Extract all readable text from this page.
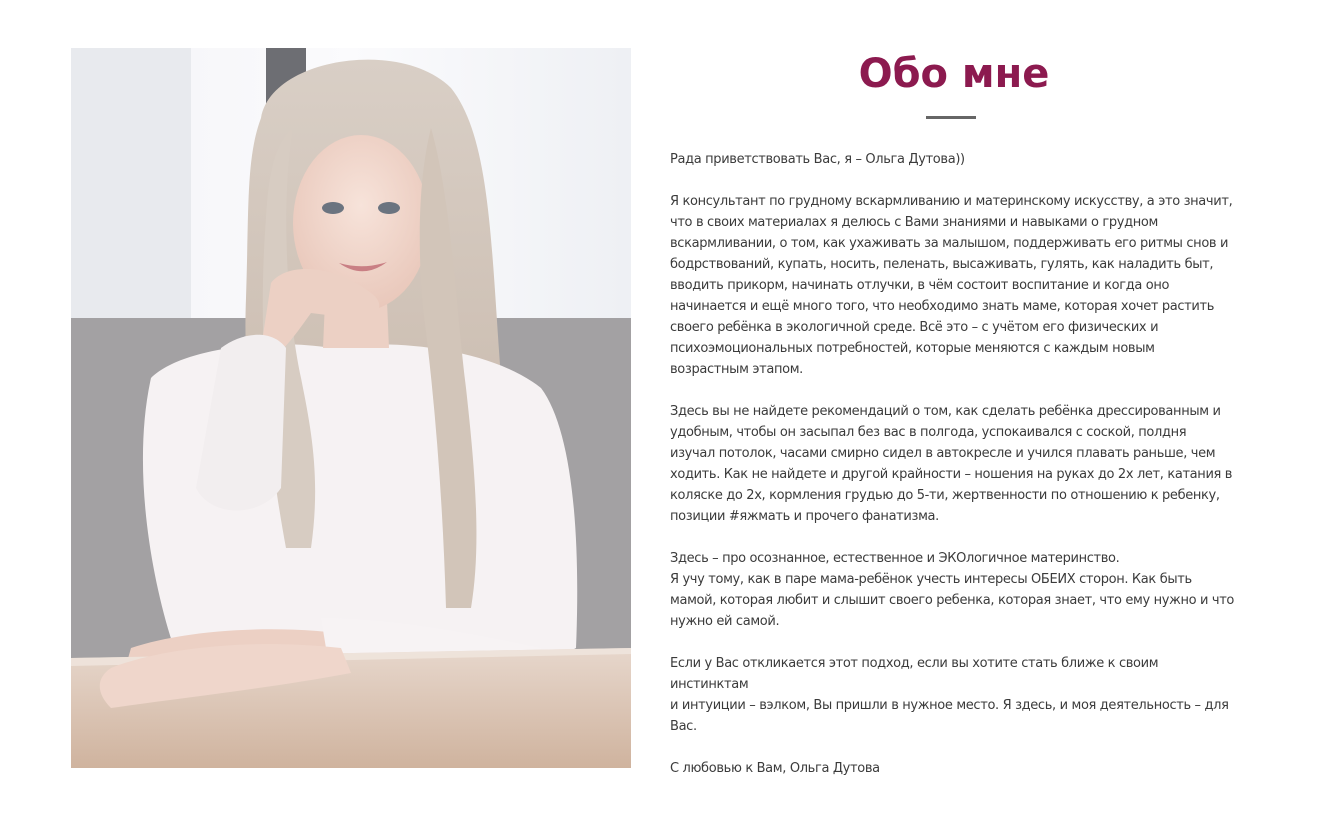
Обо мне

Рада приветствовать Вас, я – Ольга Дутова))

Я консультант по грудному вскармливанию и материнскому искусству, а это значит,
что в своих материалах я делюсь с Вами знаниями и навыками о грудном
вскармливании, о том, как ухаживать за малышом, поддерживать его ритмы снов и
бодрствований, купать, носить, пеленать, высаживать, гулять, как наладить быт,
вводить прикорм, начинать отлучки, в чём состоит воспитание и когда оно
начинается и ещё много того, что необходимо знать маме, которая хочет растить
своего ребёнка в экологичной среде. Всё это – с учётом его физических и
психоэмоциональных потребностей, которые меняются с каждым новым
возрастным этапом.

Здесь вы не найдете рекомендаций о том, как сделать ребёнка дрессированным и
удобным, чтобы он засыпал без вас в полгода, успокаивался с соской, полдня
изучал потолок, часами смирно сидел в автокресле и учился плавать раньше, чем
ходить. Как не найдете и другой крайности – ношения на руках до 2х лет, катания в
коляске до 2х, кормления грудью до 5-ти, жертвенности по отношению к ребенку,
позиции #яжмать и прочего фанатизма.

Здесь – про осознанное, естественное и ЭКОлогичное материнство.
Я учу тому, как в паре мама-ребёнок учесть интересы ОБЕИХ сторон. Как быть
мамой, которая любит и слышит своего ребенка, которая знает, что ему нужно и что
нужно ей самой.

Если у Вас откликается этот подход, если вы хотите стать ближе к своим инстинктам
и интуиции – вэлком, Вы пришли в нужное место. Я здесь, и моя деятельность – для
Вас.

С любовью к Вам, Ольга Дутова
